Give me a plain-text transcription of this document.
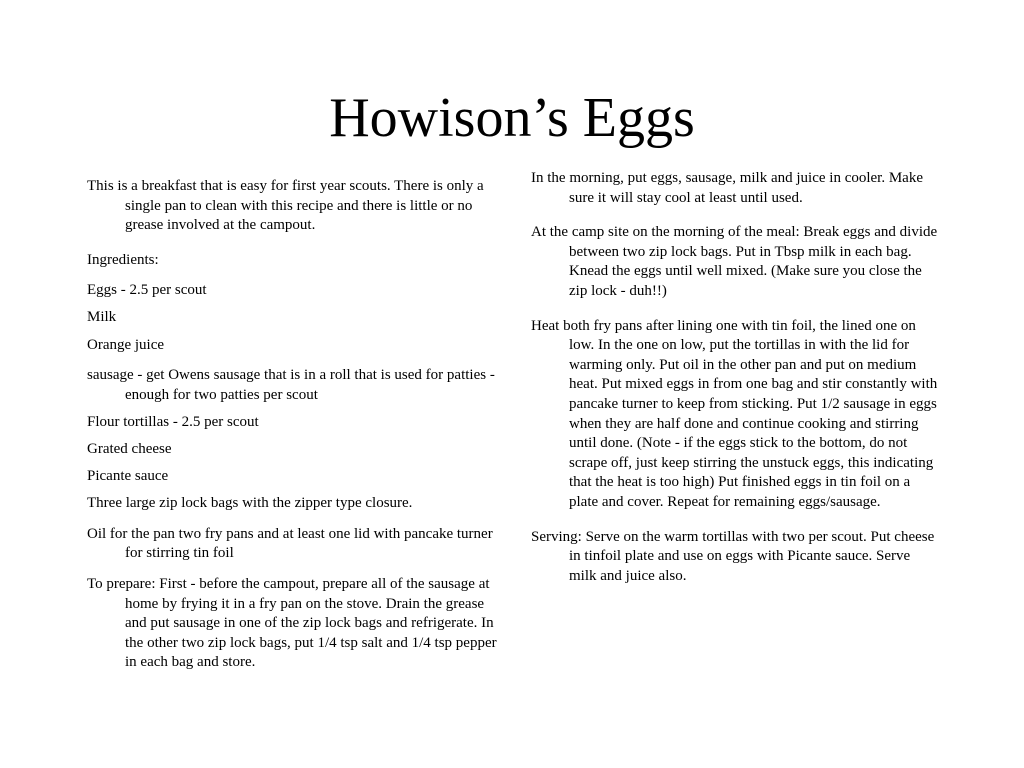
Howison’s Eggs

This is a breakfast that is easy for first year scouts. There is only a single pan to clean with this recipe and there is little or no grease involved at the campout.

Ingredients:

Eggs - 2.5 per scout

Milk

Orange juice

sausage - get Owens sausage that is in a roll that is used for patties - enough for two patties per scout

Flour tortillas - 2.5 per scout

Grated cheese

Picante sauce

Three large zip lock bags with the zipper type closure.

Oil for the pan two fry pans and at least one lid with pancake turner for stirring tin foil

To prepare: First - before the campout, prepare all of the sausage at home by frying it in a fry pan on the stove. Drain the grease and put sausage in one of the zip lock bags and refrigerate. In the other two zip lock bags, put 1/4 tsp salt and 1/4 tsp pepper in each bag and store.

In the morning, put eggs, sausage, milk and juice in cooler. Make sure it will stay cool at least until used.

At the camp site on the morning of the meal: Break eggs and divide between two zip lock bags. Put in Tbsp milk in each bag. Knead the eggs until well mixed. (Make sure you close the zip lock - duh!!)

Heat both fry pans after lining one with tin foil, the lined one on low. In the one on low, put the tortillas in with the lid for warming only. Put oil in the other pan and put on medium heat. Put mixed eggs in from one bag and stir constantly with pancake turner to keep from sticking. Put 1/2 sausage in eggs when they are half done and continue cooking and stirring until done. (Note - if the eggs stick to the bottom, do not scrape off, just keep stirring the unstuck eggs, this indicating that the heat is too high) Put finished eggs in tin foil on a plate and cover. Repeat for remaining eggs/sausage.

Serving: Serve on the warm tortillas with two per scout. Put cheese in tinfoil plate and use on eggs with Picante sauce. Serve milk and juice also.
